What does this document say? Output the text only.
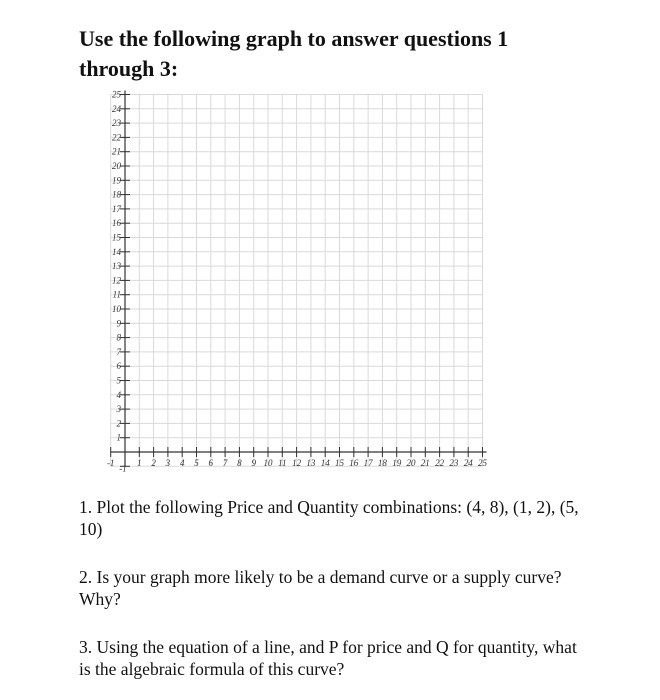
Use the following graph to answer questions 1 through 3:
-1	1 2 3 4 5 6 7 8 9 10 11 12 13 14 15 16 17 18 19 20 21 22 23 24 25
1
2
3
4
5
6
7
8
9
10
11
12
13
14
15
16
17
18
19
20
21
22
23
24
25
-1

1. Plot the following Price and Quantity combinations: (4, 8), (1, 2), (5, 10)

2. Is your graph more likely to be a demand curve or a supply curve? Why?

3. Using the equation of a line, and P for price and Q for quantity, what is the algebraic formula of this curve?
